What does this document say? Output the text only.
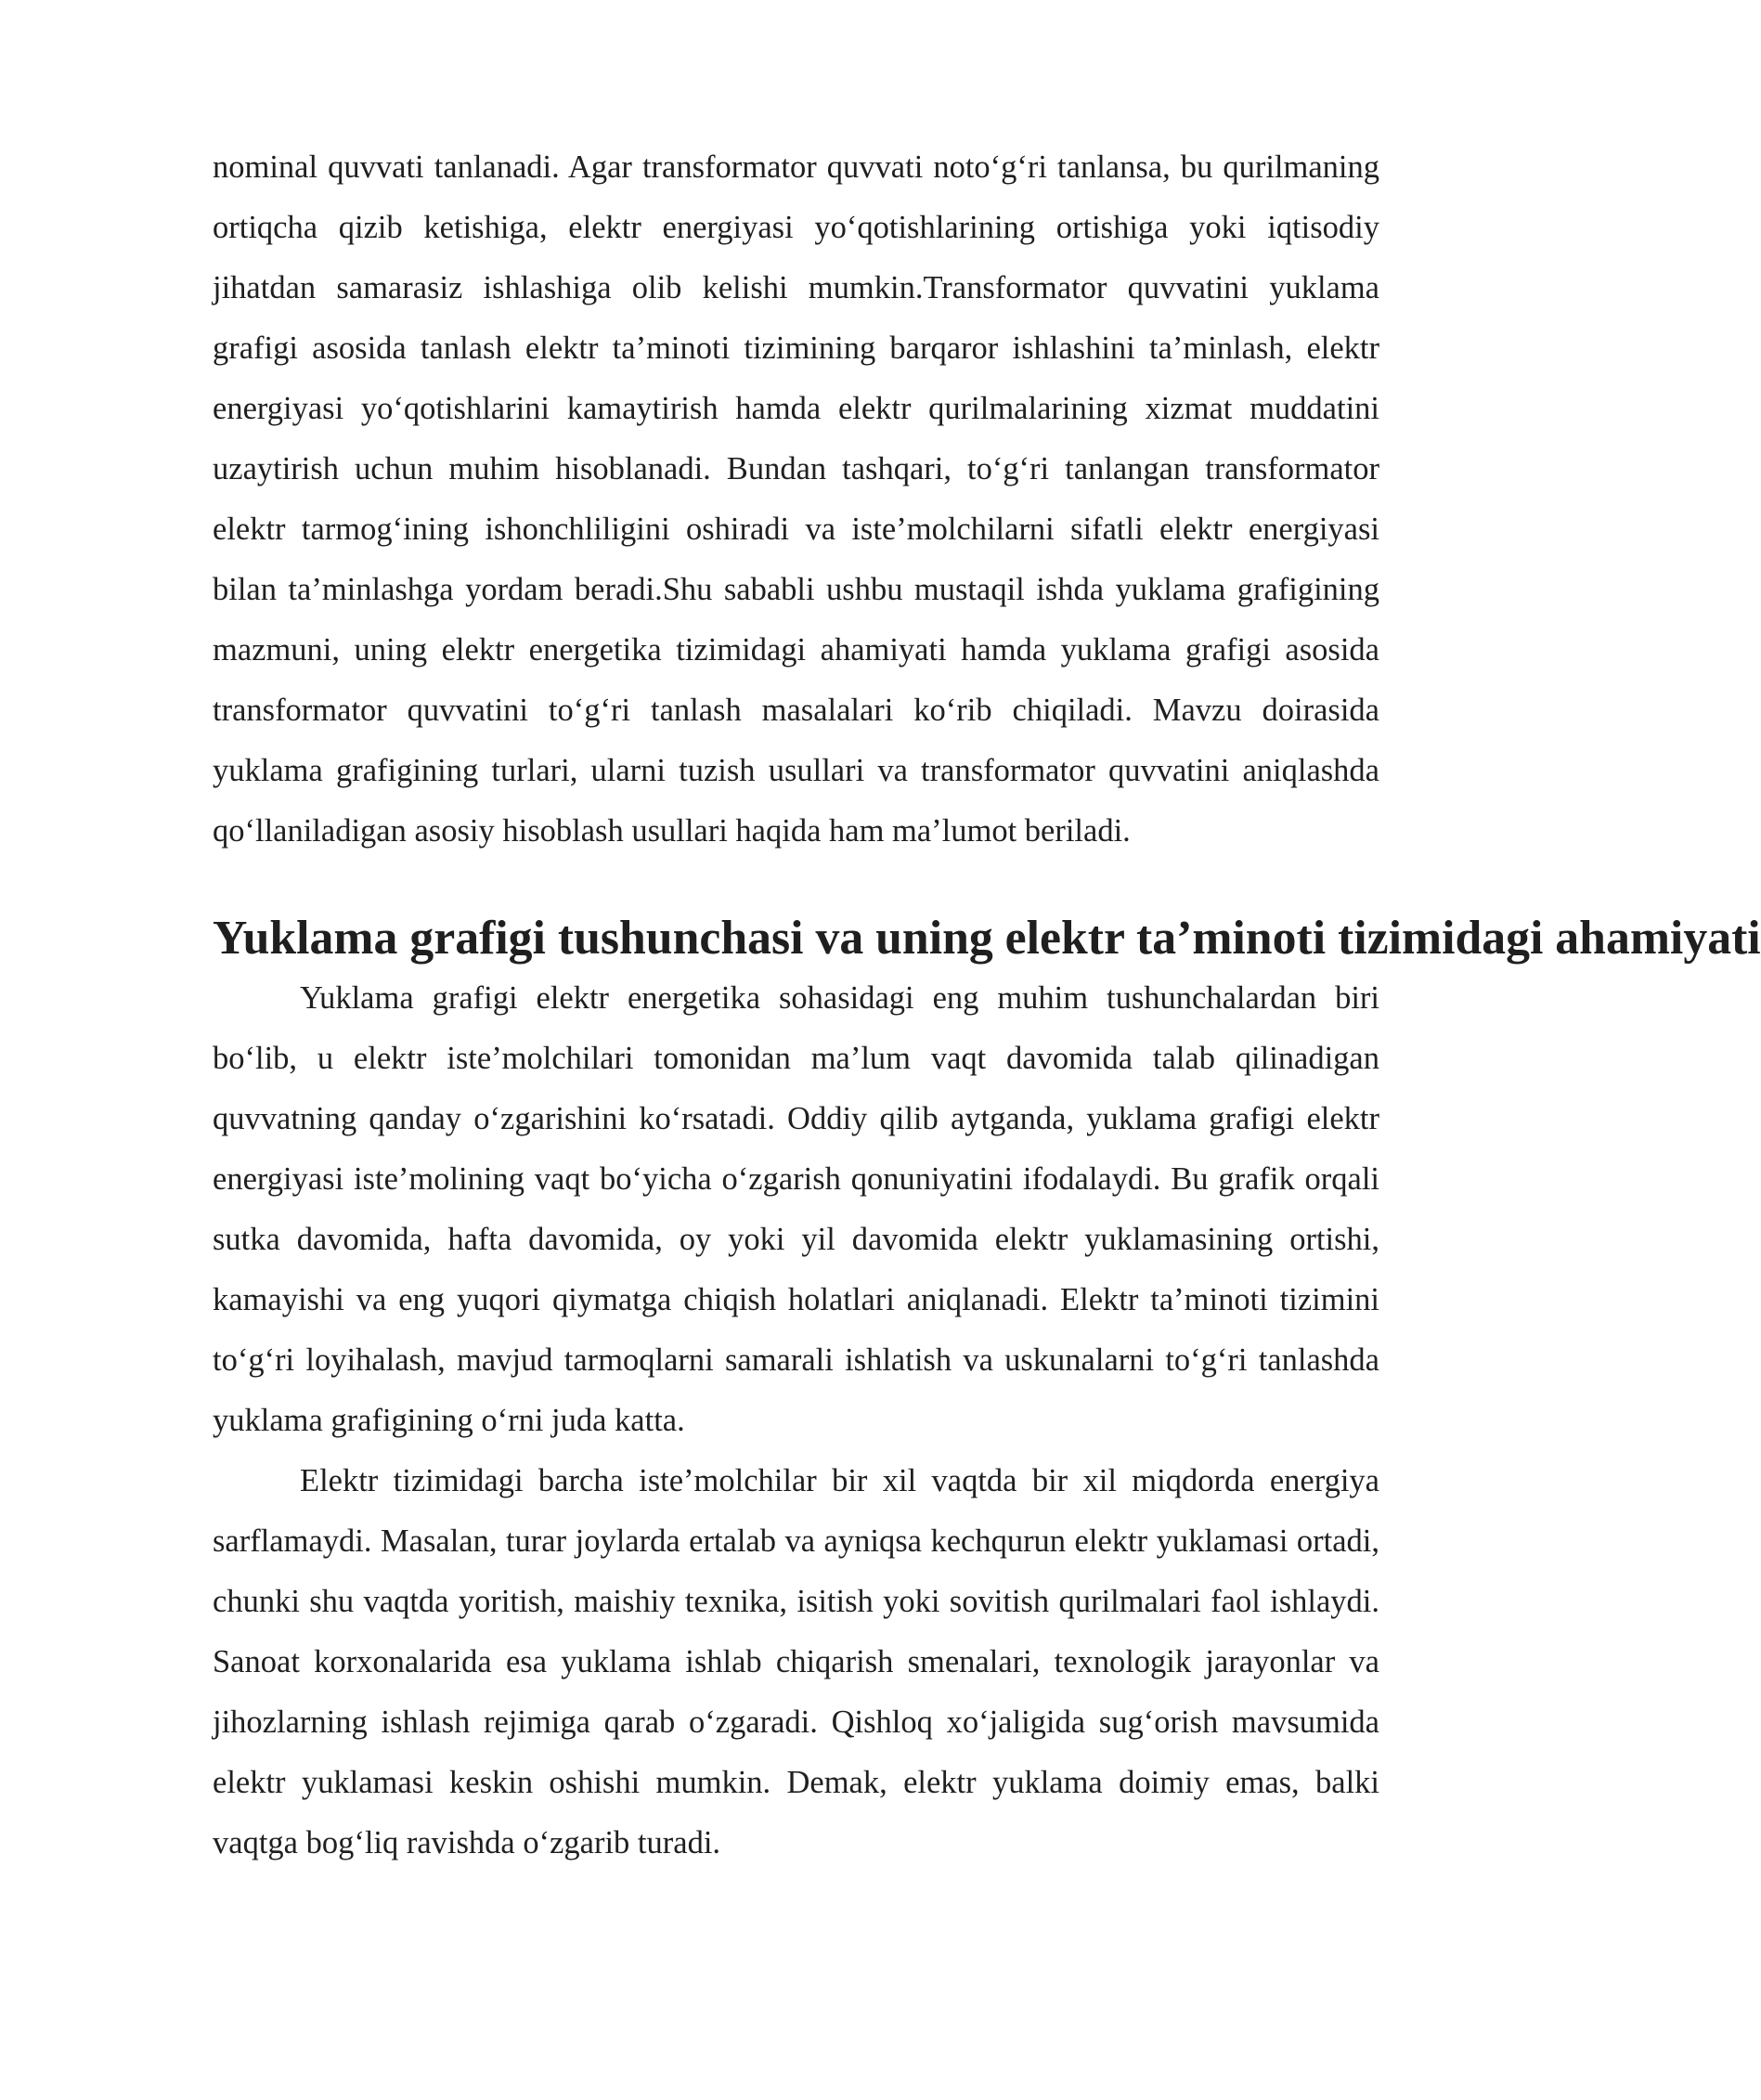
nominal quvvati tanlanadi. Agar transformator quvvati noto‘g‘ri tanlansa, bu qurilmaning ortiqcha qizib ketishiga, elektr energiyasi yo‘qotishlarining ortishiga yoki iqtisodiy jihatdan samarasiz ishlashiga olib kelishi mumkin.Transformator quvvatini yuklama grafigi asosida tanlash elektr ta’minoti tizimining barqaror ishlashini ta’minlash, elektr energiyasi yo‘qotishlarini kamaytirish hamda elektr qurilmalarining xizmat muddatini uzaytirish uchun muhim hisoblanadi. Bundan tashqari, to‘g‘ri tanlangan transformator elektr tarmog‘ining ishonchliligini oshiradi va iste’molchilarni sifatli elektr energiyasi bilan ta’minlashga yordam beradi.Shu sababli ushbu mustaqil ishda yuklama grafigining mazmuni, uning elektr energetika tizimidagi ahamiyati hamda yuklama grafigi asosida transformator quvvatini to‘g‘ri tanlash masalalari ko‘rib chiqiladi. Mavzu doirasida yuklama grafigining turlari, ularni tuzish usullari va transformator quvvatini aniqlashda qo‘llaniladigan asosiy hisoblash usullari haqida ham ma’lumot beriladi.

Yuklama grafigi tushunchasi va uning elektr ta’minoti tizimidagi ahamiyati

Yuklama grafigi elektr energetika sohasidagi eng muhim tushunchalardan biri bo‘lib, u elektr iste’molchilari tomonidan ma’lum vaqt davomida talab qilinadigan quvvatning qanday o‘zgarishini ko‘rsatadi. Oddiy qilib aytganda, yuklama grafigi elektr energiyasi iste’molining vaqt bo‘yicha o‘zgarish qonuniyatini ifodalaydi. Bu grafik orqali sutka davomida, hafta davomida, oy yoki yil davomida elektr yuklamasining ortishi, kamayishi va eng yuqori qiymatga chiqish holatlari aniqlanadi. Elektr ta’minoti tizimini to‘g‘ri loyihalash, mavjud tarmoqlarni samarali ishlatish va uskunalarni to‘g‘ri tanlashda yuklama grafigining o‘rni juda katta.

Elektr tizimidagi barcha iste’molchilar bir xil vaqtda bir xil miqdorda energiya sarflamaydi. Masalan, turar joylarda ertalab va ayniqsa kechqurun elektr yuklamasi ortadi, chunki shu vaqtda yoritish, maishiy texnika, isitish yoki sovitish qurilmalari faol ishlaydi. Sanoat korxonalarida esa yuklama ishlab chiqarish smenalari, texnologik jarayonlar va jihozlarning ishlash rejimiga qarab o‘zgaradi. Qishloq xo‘jaligida sug‘orish mavsumida elektr yuklamasi keskin oshishi mumkin. Demak, elektr yuklama doimiy emas, balki vaqtga bog‘liq ravishda o‘zgarib turadi.
